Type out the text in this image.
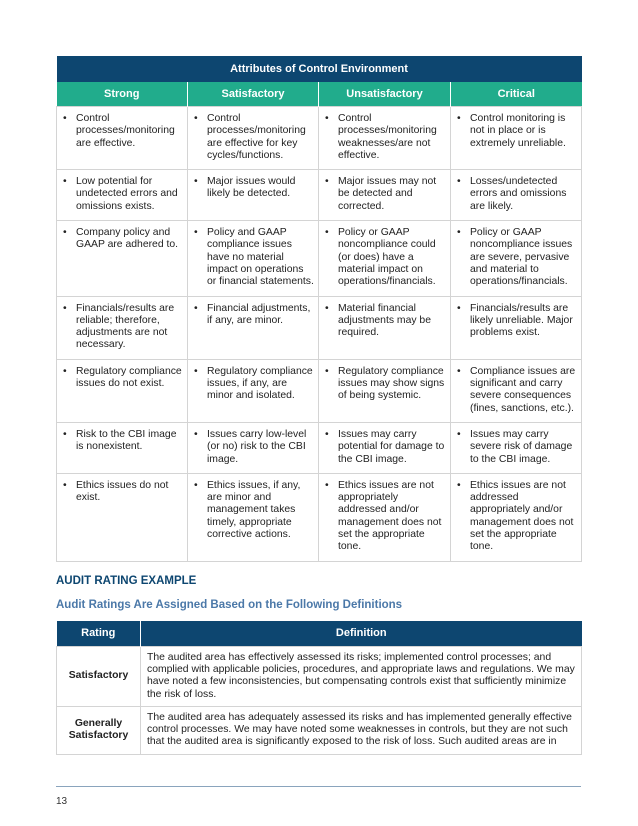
Attributes of Control Environment			
Strong	Satisfactory	Unsatisfactory	Critical

• Control processes/monitoring are effective.	• Control processes/monitoring are effective for key cycles/functions.	• Control processes/monitoring weaknesses/are not effective.	• Control monitoring is not in place or is extremely unreliable.

• Low potential for undetected errors and omissions exists.	• Major issues would likely be detected.	• Major issues may not be detected and corrected.	• Losses/undetected errors and omissions are likely.

• Company policy and GAAP are adhered to.	• Policy and GAAP compliance issues have no material impact on operations or financial statements.	• Policy or GAAP noncompliance could (or does) have a material impact on operations/financials.	• Policy or GAAP noncompliance issues are severe, pervasive and material to operations/financials.

• Financials/results are reliable; therefore, adjustments are not necessary.	• Financial adjustments, if any, are minor.	• Material financial adjustments may be required.	• Financials/results are likely unreliable. Major problems exist.

• Regulatory compliance issues do not exist.	• Regulatory compliance issues, if any, are minor and isolated.	• Regulatory compliance issues may show signs of being systemic.	• Compliance issues are significant and carry severe consequences (fines, sanctions, etc.).

• Risk to the CBI image is nonexistent.	• Issues carry low-level (or no) risk to the CBI image.	• Issues may carry potential for damage to the CBI image.	• Issues may carry severe risk of damage to the CBI image.

• Ethics issues do not exist.	• Ethics issues, if any, are minor and management takes timely, appropriate corrective actions.	• Ethics issues are not appropriately addressed and/or management does not set the appropriate tone.	• Ethics issues are not addressed appropriately and/or management does not set the appropriate tone.
AUDIT RATING EXAMPLE
Audit Ratings Are Assigned Based on the Following Definitions
Rating	Definition
Satisfactory	The audited area has effectively assessed its risks; implemented control processes; and complied with applicable policies, procedures, and appropriate laws and regulations. We may have noted a few inconsistencies, but compensating controls exist that sufficiently minimize the risk of loss.
Generally Satisfactory	The audited area has adequately assessed its risks and has implemented generally effective control processes. We may have noted some weaknesses in controls, but they are not such that the audited area is significantly exposed to the risk of loss. Such audited areas are in
13
